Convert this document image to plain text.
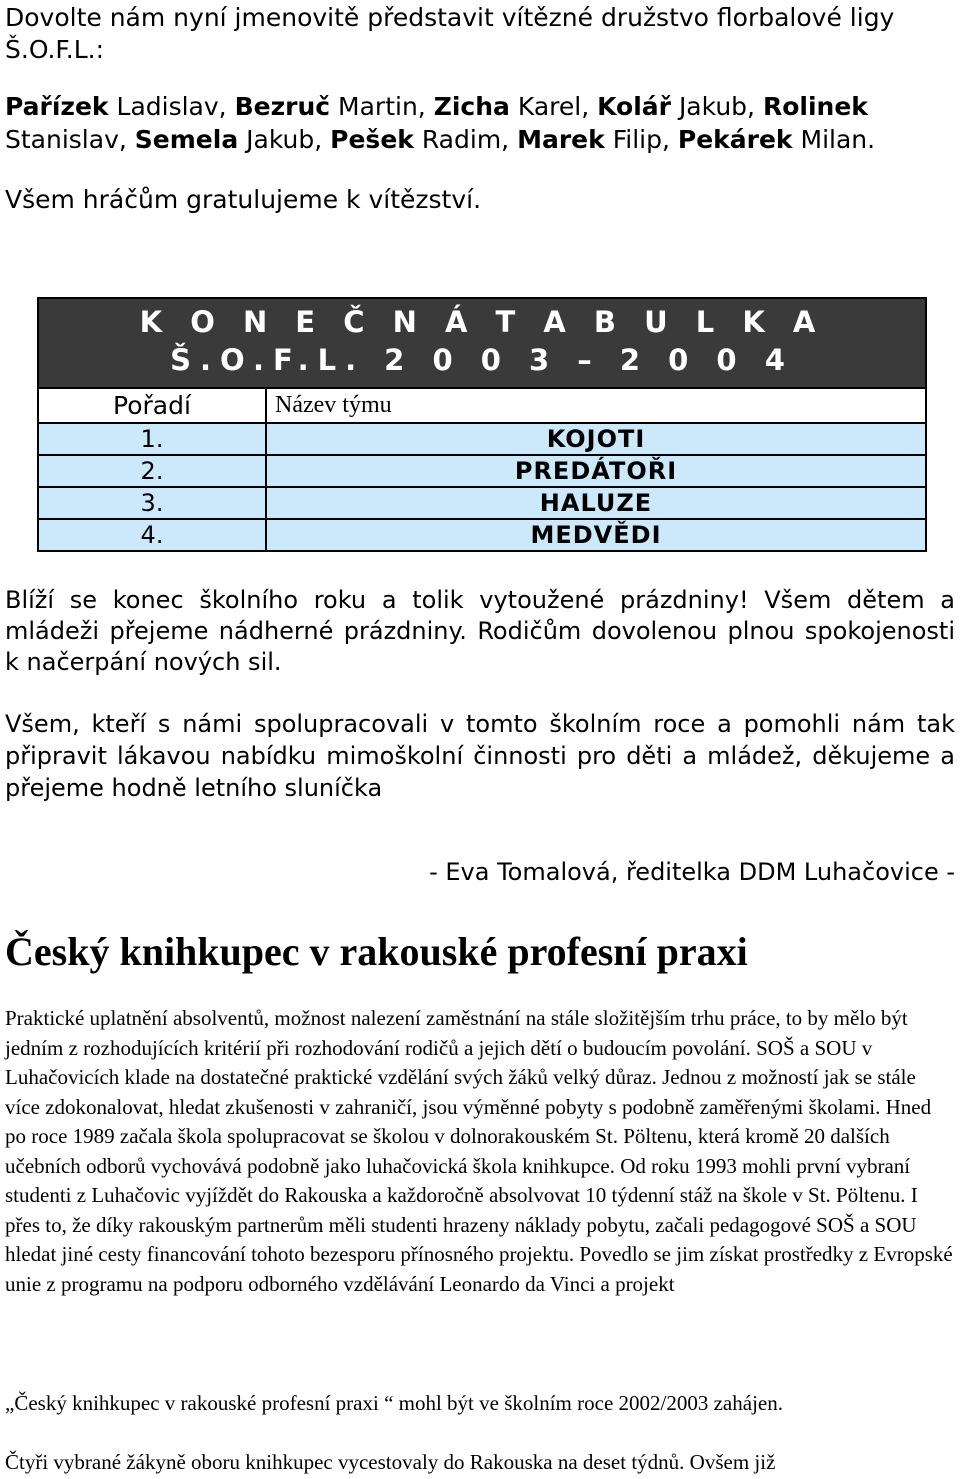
Dovolte nám nyní jmenovitě představit vítězné družstvo florbalové ligy Š.O.F.L.:

Pařízek Ladislav, Bezruč Martin, Zicha Karel, Kolář Jakub, Rolinek Stanislav, Semela Jakub, Pešek Radim, Marek Filip, Pekárek Milan.

Všem hráčům gratulujeme k vítězství.

K O N E Č N Á T A B U L K A Š.O.F.L. 2 0 0 3 – 2 0 0 4	
Pořadí	Název týmu
1.	KOJOTI
2.	PREDÁTOŘI
3.	HALUZE
4.	MEDVĚDI

Blíží se konec školního roku a tolik vytoužené prázdniny! Všem dětem a mládeži přejeme nádherné prázdniny. Rodičům dovolenou plnou spokojenosti k načerpání nových sil.

Všem, kteří s námi spolupracovali v tomto školním roce a pomohli nám tak připravit lákavou nabídku mimoškolní činnosti pro děti a mládež, děkujeme a přejeme hodně letního sluníčka

- Eva Tomalová, ředitelka DDM Luhačovice -

Český knihkupec v rakouské profesní praxi

Praktické uplatnění absolventů, možnost nalezení zaměstnání na stále složitějším trhu práce, to by mělo být jedním z rozhodujících kritérií při rozhodování rodičů a jejich dětí o budoucím povolání. SOŠ a SOU v Luhačovicích klade na dostatečné praktické vzdělání svých žáků velký důraz. Jednou z možností jak se stále více zdokonalovat, hledat zkušenosti v zahraničí, jsou výměnné pobyty s podobně zaměřenými školami. Hned po roce 1989 začala škola spolupracovat se školou v dolnorakouském St. Pöltenu, která kromě 20 dalších učebních odborů vychovává podobně jako luhačovická škola knihkupce. Od roku 1993 mohli první vybraní studenti z Luhačovic vyjíždět do Rakouska a každoročně absolvovat 10 týdenní stáž na škole v St. Pöltenu. I přes to, že díky rakouským partnerům měli studenti hrazeny náklady pobytu, začali pedagogové SOŠ a SOU hledat jiné cesty financování tohoto bezesporu přínosného projektu. Povedlo se jim získat prostředky z Evropské unie z programu na podporu odborného vzdělávání Leonardo da Vinci a projekt

„Český knihkupec v rakouské profesní praxi “ mohl být ve školním roce 2002/2003 zahájen.

Čtyři vybrané žákyně oboru knihkupec vycestovaly do Rakouska na deset týdnů. Ovšem již
